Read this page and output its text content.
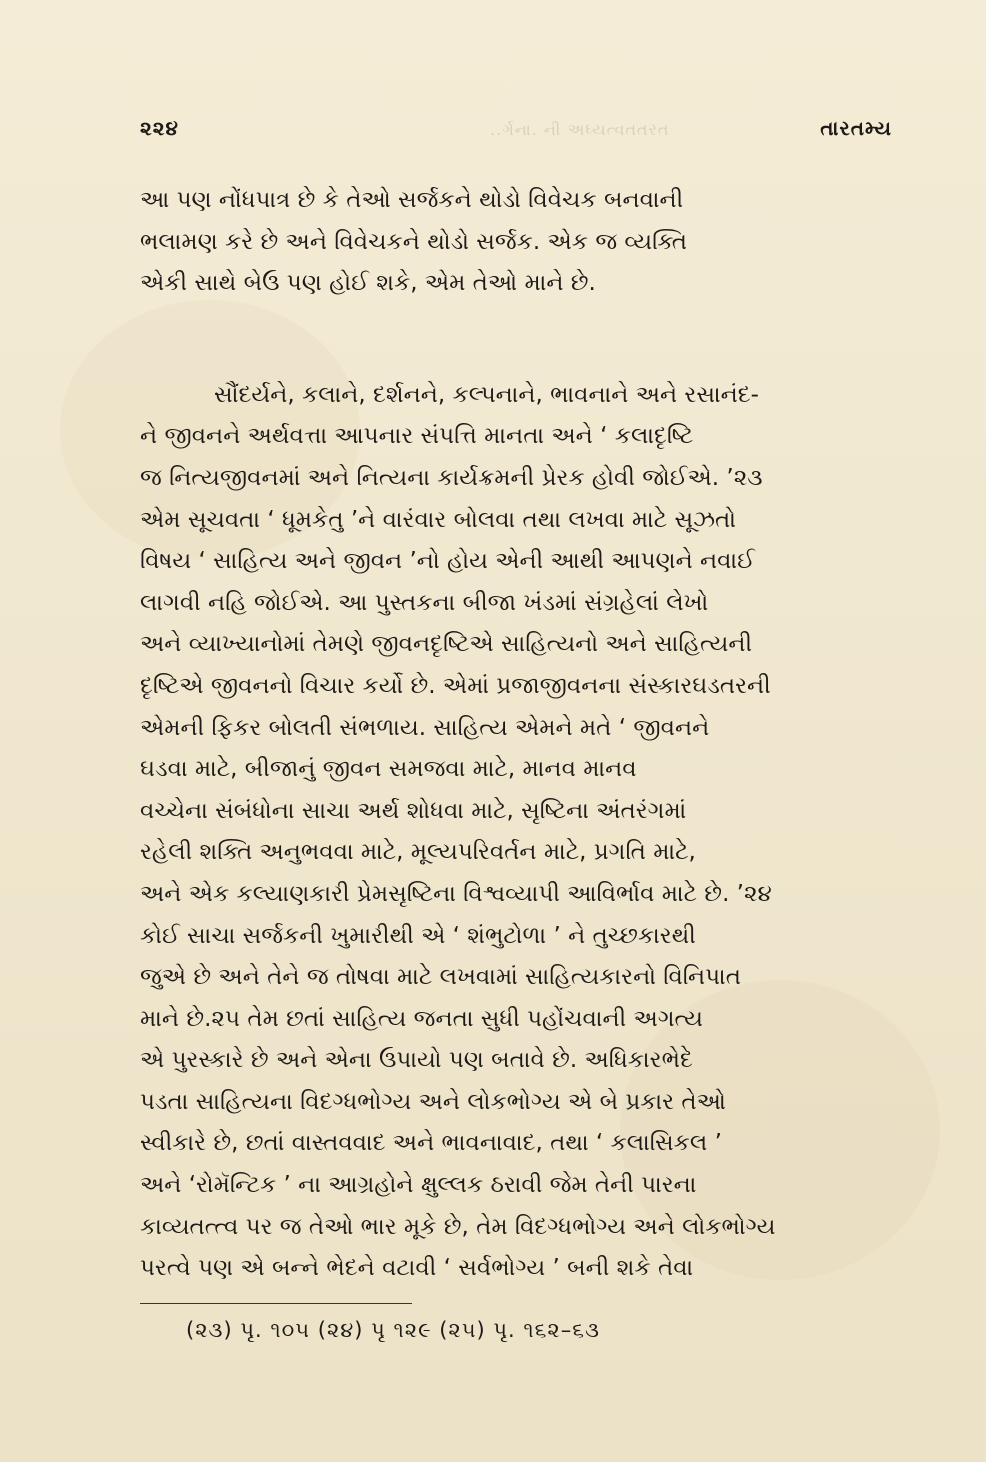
૨૨૪	તારતમ્ય
..ર્ગના. ની અધ્યત્વતતરત
આ પણ નોંધપાત્ર છે કે તેઓ સર્જકને થોડો વિવેચક બનવાની
ભલામણ કરે છે અને વિવેચકને થોડો સર્જક. એક જ વ્યક્તિ
એકી સાથે બેઉ પણ હોઈ શકે, એમ તેઓ માને છે.
સૌંદર્યને, કલાને, દર્શનને, કલ્પનાને, ભાવનાને અને રસાનંદ-
ને જીવનને અર્થવત્તા આપનાર સંપત્તિ માનતા અને ‘ કલાદૃષ્ટિ
જ નિત્યજીવનમાં અને નિત્યના કાર્યક્રમની પ્રેરક હોવી જોઈએ. ’૨૩
એમ સૂચવતા ‘ ધૂમકેતુ ’ને વારંવાર બોલવા તથા લખવા માટે સૂઝતો
વિષય ‘ સાહિત્ય અને જીવન ’નો હોય એની આથી આપણને નવાઈ
લાગવી નહિ જોઈએ. આ પુસ્તકના બીજા ખંડમાં સંગ્રહેલાં લેખો
અને વ્યાખ્યાનોમાં તેમણે જીવનદૃષ્ટિએ સાહિત્યનો અને સાહિત્યની
દૃષ્ટિએ જીવનનો વિચાર કર્યો છે. એમાં પ્રજાજીવનના સંસ્કારઘડતરની
એમની ફિકર બોલતી સંભળાય. સાહિત્ય એમને મતે ‘ જીવનને
ઘડવા માટે, બીજાનું જીવન સમજવા માટે, માનવ માનવ
વચ્ચેના સંબંધોના સાચા અર્થ શોધવા માટે, સૃષ્ટિના અંતરંગમાં
રહેલી શક્તિ અનુભવવા માટે, મૂલ્યપરિવર્તન માટે, પ્રગતિ માટે,
અને એક કલ્યાણકારી પ્રેમસૃષ્ટિના વિશ્વવ્યાપી આવિર્ભાવ માટે છે. ’૨૪
કોઈ સાચા સર્જકની ખુમારીથી એ ‘ શંભુટોળા ’ ને તુચ્છકારથી
જુએ છે અને તેને જ તોષવા માટે લખવામાં સાહિત્યકારનો વિનિપાત
માને છે.૨૫ તેમ છતાં સાહિત્ય જનતા સુધી પહોંચવાની અગત્ય
એ પુરસ્કારે છે અને એના ઉપાયો પણ બતાવે છે. અધિકારભેદે
પડતા સાહિત્યના વિદગ્ધભોગ્ય અને લોકભોગ્ય એ બે પ્રકાર તેઓ
સ્વીકારે છે, છતાં વાસ્તવવાદ અને ભાવનાવાદ, તથા ‘ કલાસિકલ ’
અને ‘રોમૅન્ટિક ’ ના આગ્રહોને ક્ષુલ્લક ઠરાવી જેમ તેની પારના
કાવ્યતત્ત્વ પર જ તેઓ ભાર મૂકે છે, તેમ વિદગ્ધભોગ્ય અને લોકભોગ્ય
પરત્વે પણ એ બન્ને ભેદને વટાવી ‘ સર્વભોગ્ય ’ બની શકે તેવા
(૨૩) પૃ. ૧૦૫ (૨૪) પૃ ૧૨૯ (૨૫) પૃ. ૧૬૨–૬૩
